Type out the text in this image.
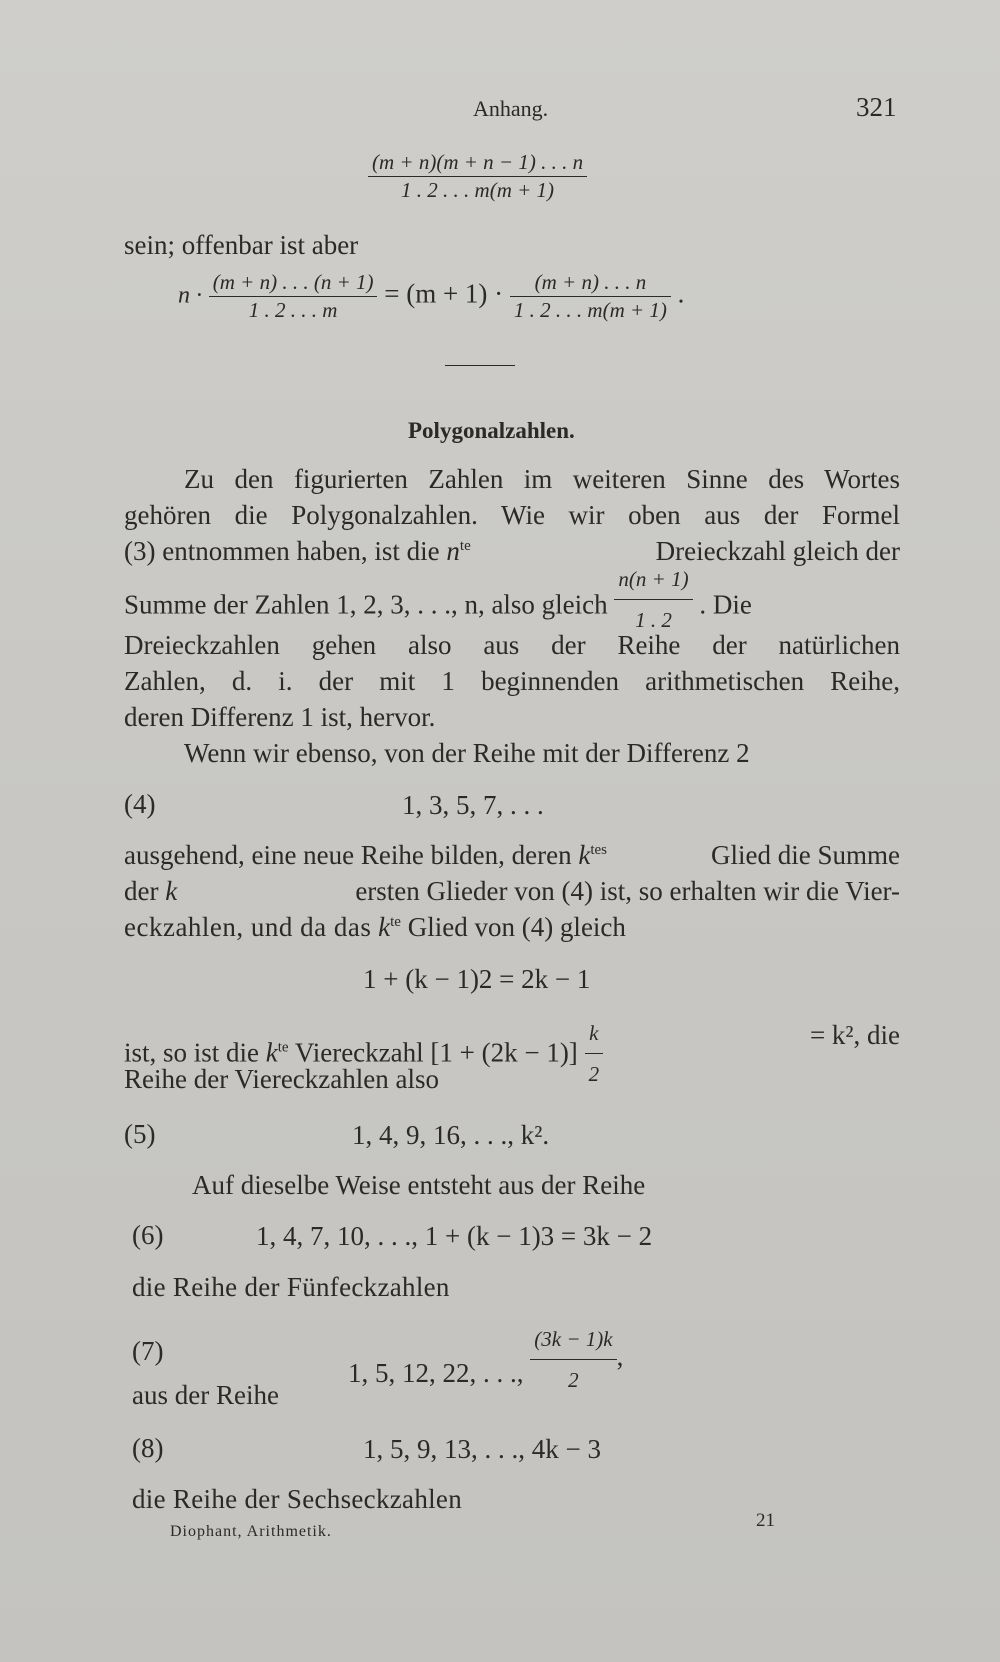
Anhang.	321
$\frac{(m + n)(m + n - 1) . . . n}{1 . 2 . . . m(m + 1)}$
sein; offenbar ist aber
$n \cdot \frac{(m + n) . . . (n + 1)}{1 . 2 . . . m} = (m + 1) \cdot \frac{(m + n) . . . n}{1 . 2 . . . m(m + 1)}$ .
Polygonalzahlen.
Zu den figurierten Zahlen im weiteren Sinne des Wortes
gehören die Polygonalzahlen. Wie wir oben aus der Formel
(3) entnommen haben, ist die $n^{te}$	Dreieckzahl gleich der
Summe der Zahlen 1, 2, 3, . . ., n, also gleich $\frac{n(n + 1)}{1 . 2}$ . Die
Dreieckzahlen gehen also aus der Reihe der natürlichen
Zahlen, d. i. der mit 1 beginnenden arithmetischen Reihe,
deren Differenz 1 ist, hervor.
Wenn wir ebenso, von der Reihe mit der Differenz 2
(4)	1, 3, 5, 7, . . .
ausgehend, eine neue Reihe bilden, deren $k^{tes}$	Glied die Summe
der k	ersten Glieder von (4) ist, so erhalten wir die Vier-
eckzahlen, und da das $k^{te}$ Glied von (4) gleich
1 + (k − 1)2 = 2k − 1
ist, so ist die $k^{te}$ Viereckzahl $[1 + (2k - 1)] \frac{k}{2}$	= k², die
Reihe der Viereckzahlen also
(5)	1, 4, 9, 16, . . ., k².
Auf dieselbe Weise entsteht aus der Reihe
(6)	1, 4, 7, 10, . . ., 1 + (k − 1)3 = 3k − 2
die Reihe der Fünfeckzahlen
(7)
1, 5, 12, 22, . . ., $\frac{(3k - 1)k}{2}$ ,
aus der Reihe
(8)	1, 5, 9, 13, . . ., 4k − 3
die Reihe der Sechseckzahlen
Diophant, Arithmetik.
21
